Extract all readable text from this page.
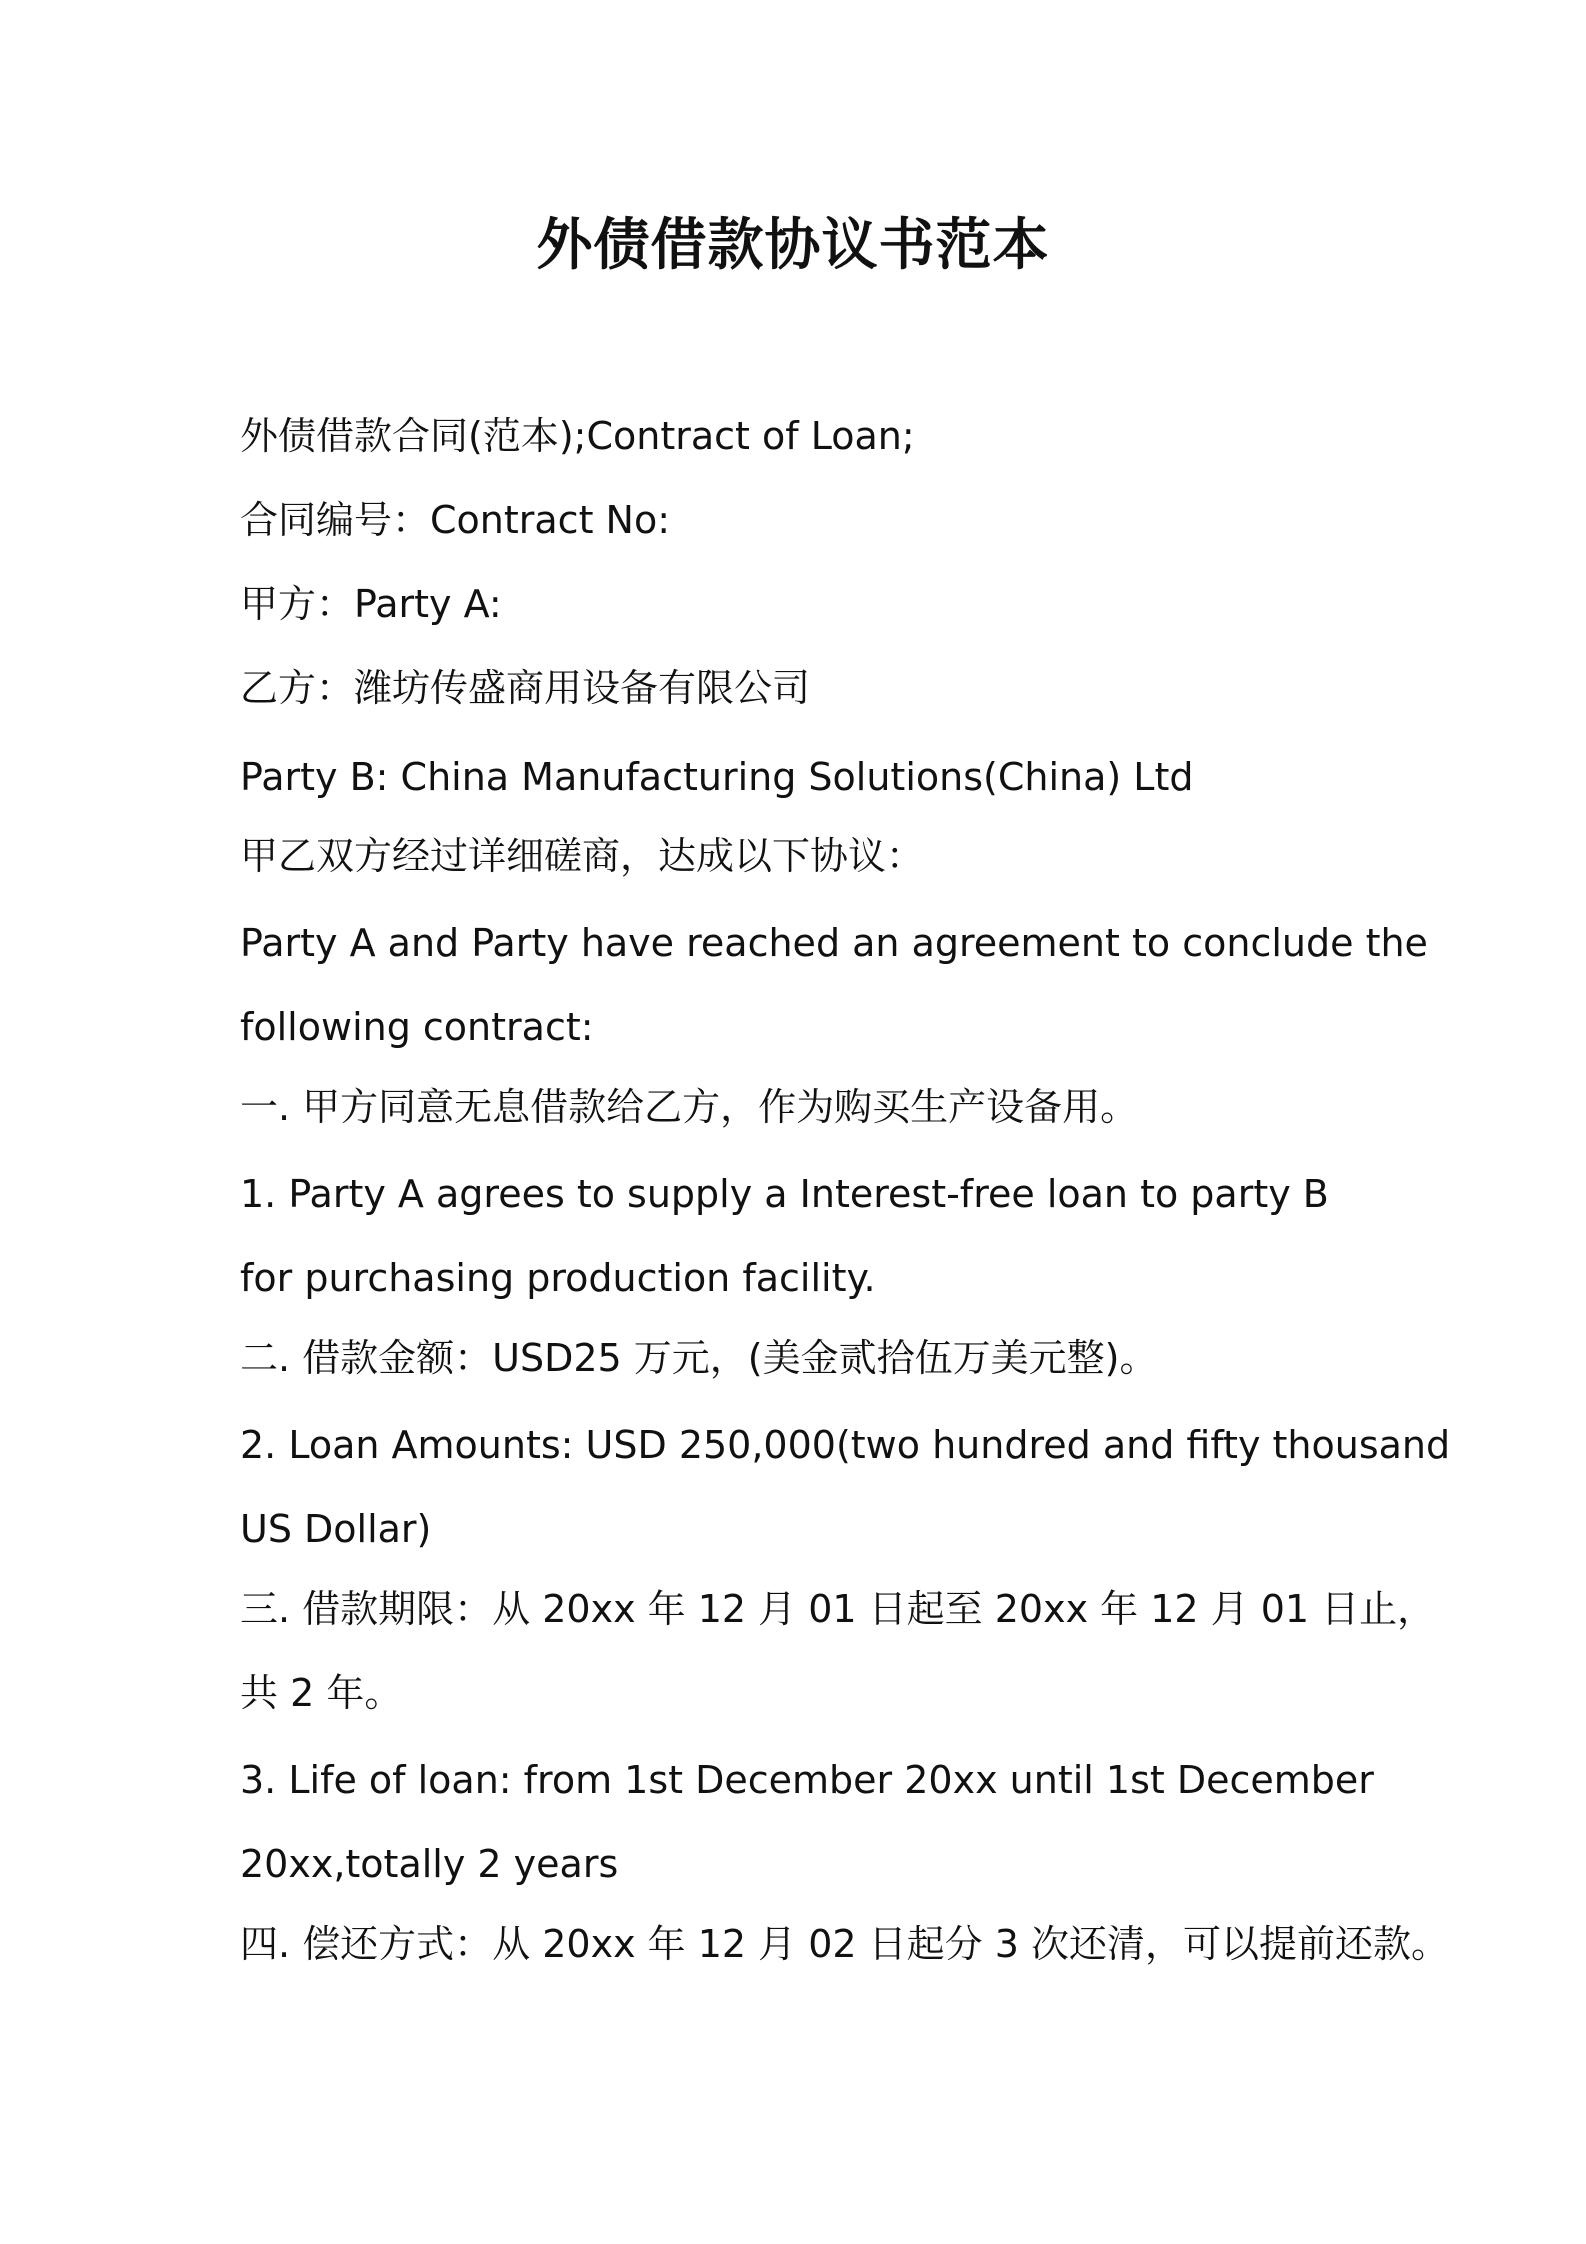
外债借款协议书范本
外债借款合同(范本);Contract of Loan;
合同编号：Contract No:
甲方：Party A:
乙方：潍坊传盛商用设备有限公司
Party B: China Manufacturing Solutions(China) Ltd
甲乙双方经过详细磋商，达成以下协议：
Party A and Party have reached an agreement to conclude the
following contract:
一. 甲方同意无息借款给乙方，作为购买生产设备用。
1. Party A agrees to supply a Interest-free loan to party B
for purchasing production facility.
二. 借款金额：USD25 万元，(美金贰拾伍万美元整)。
2. Loan Amounts: USD 250,000(two hundred and fifty thousand
US Dollar)
三. 借款期限：从 20xx 年 12 月 01 日起至 20xx 年 12 月 01 日止，
共 2 年。
3. Life of loan: from 1st December 20xx until 1st December
20xx,totally 2 years
四. 偿还方式：从 20xx 年 12 月 02 日起分 3 次还清，可以提前还款。
